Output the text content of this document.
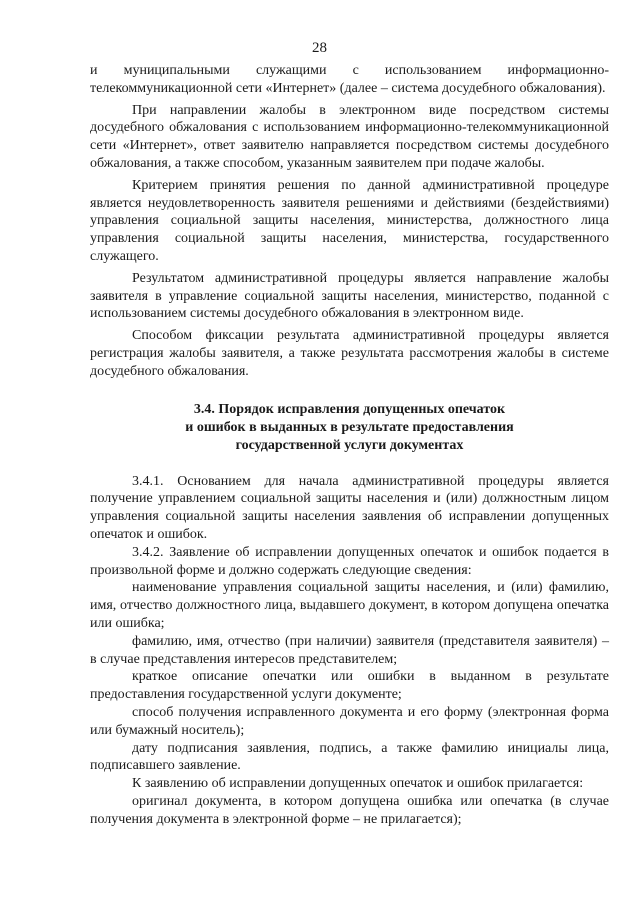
28

и муниципальными служащими с использованием информационно-телекоммуникационной сети «Интернет» (далее – система досудебного обжалования).

При направлении жалобы в электронном виде посредством системы досудебного обжалования с использованием информационно-телекоммуникационной сети «Интернет», ответ заявителю направляется посредством системы досудебного обжалования, а также способом, указанным заявителем при подаче жалобы.

Критерием принятия решения по данной административной процедуре является неудовлетворенность заявителя решениями и действиями (бездействиями) управления социальной защиты населения, министерства, должностного лица управления социальной защиты населения, министерства, государственного служащего.

Результатом административной процедуры является направление жалобы заявителя в управление социальной защиты населения, министерство, поданной с использованием системы досудебного обжалования в электронном виде.

Способом фиксации результата административной процедуры является регистрация жалобы заявителя, а также результата рассмотрения жалобы в системе досудебного обжалования.

3.4. Порядок исправления допущенных опечаток
и ошибок в выданных в результате предоставления
государственной услуги документах

3.4.1. Основанием для начала административной процедуры является получение управлением социальной защиты населения и (или) должностным лицом управления социальной защиты населения заявления об исправлении допущенных опечаток и ошибок.

3.4.2. Заявление об исправлении допущенных опечаток и ошибок подается в произвольной форме и должно содержать следующие сведения:

наименование управления социальной защиты населения, и (или) фамилию, имя, отчество должностного лица, выдавшего документ, в котором допущена опечатка или ошибка;

фамилию, имя, отчество (при наличии) заявителя (представителя заявителя) – в случае представления интересов представителем;

краткое описание опечатки или ошибки в выданном в результате предоставления государственной услуги документе;

способ получения исправленного документа и его форму (электронная форма или бумажный носитель);

дату подписания заявления, подпись, а также фамилию инициалы лица, подписавшего заявление.

К заявлению об исправлении допущенных опечаток и ошибок прилагается:

оригинал документа, в котором допущена ошибка или опечатка (в случае получения документа в электронной форме – не прилагается);
